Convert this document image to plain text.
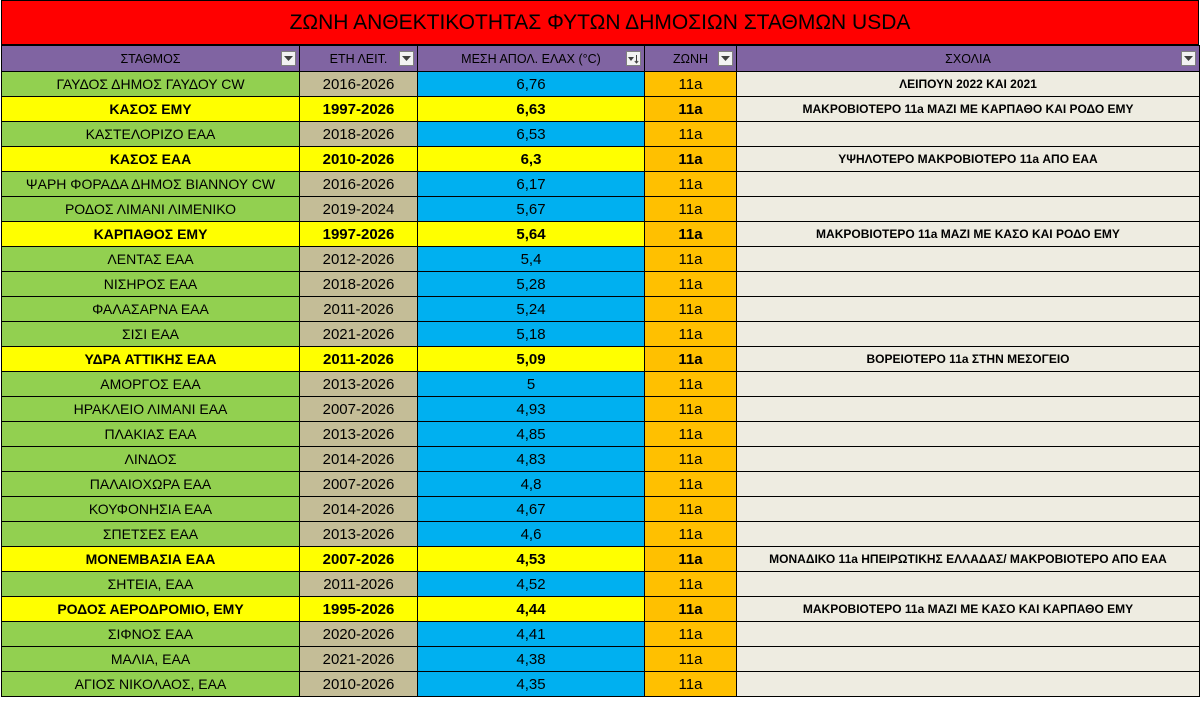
ΖΩΝΗ ΑΝΘΕΚΤΙΚΟΤΗΤΑΣ ΦΥΤΩΝ ΔΗΜΟΣΙΩΝ ΣΤΑΘΜΩΝ USDA
ΣΤΑΘΜΟΣ	ΕΤΗ ΛΕΙΤ.	ΜΕΣΗ ΑΠΟΛ. ΕΛΑΧ (°C)	ΖΩΝΗ	ΣΧΟΛΙΑ

ΓΑΥΔΟΣ ΔΗΜΟΣ ΓΑΥΔΟΥ CW	2016-2026	6,76	11a	ΛΕΙΠΟΥΝ 2022 ΚΑΙ 2021
ΚΑΣΟΣ ΕΜΥ	1997-2026	6,63	11a	ΜΑΚΡΟΒΙΟΤΕΡΟ 11a ΜΑΖΙ ΜΕ ΚΑΡΠΑΘΟ ΚΑΙ ΡΟΔΟ ΕΜΥ
ΚΑΣΤΕΛΟΡΙΖΟ ΕΑΑ	2018-2026	6,53	11a	
ΚΑΣΟΣ ΕΑΑ	2010-2026	6,3	11a	ΥΨΗΛΟΤΕΡΟ ΜΑΚΡΟΒΙΟΤΕΡΟ 11a ΑΠΟ ΕΑΑ
ΨΑΡΗ ΦΟΡΑΔΑ ΔΗΜΟΣ ΒΙΑΝΝΟΥ CW	2016-2026	6,17	11a	
ΡΟΔΟΣ ΛΙΜΑΝΙ ΛΙΜΕΝΙΚΟ	2019-2024	5,67	11a	
ΚΑΡΠΑΘΟΣ ΕΜΥ	1997-2026	5,64	11a	ΜΑΚΡΟΒΙΟΤΕΡΟ 11a ΜΑΖΙ ΜΕ ΚΑΣΟ ΚΑΙ ΡΟΔΟ ΕΜΥ
ΛΕΝΤΑΣ ΕΑΑ	2012-2026	5,4	11a	
ΝΙΣΗΡΟΣ ΕΑΑ	2018-2026	5,28	11a	
ΦΑΛΑΣΑΡΝΑ ΕΑΑ	2011-2026	5,24	11a	
ΣΙΣΙ ΕΑΑ	2021-2026	5,18	11a	
ΥΔΡΑ ΑΤΤΙΚΗΣ ΕΑΑ	2011-2026	5,09	11a	ΒΟΡΕΙΟΤΕΡΟ 11a ΣΤΗΝ ΜΕΣΟΓΕΙΟ
ΑΜΟΡΓΟΣ ΕΑΑ	2013-2026	5	11a	
ΗΡΑΚΛΕΙΟ ΛΙΜΑΝΙ ΕΑΑ	2007-2026	4,93	11a	
ΠΛΑΚΙΑΣ ΕΑΑ	2013-2026	4,85	11a	
ΛΙΝΔΟΣ	2014-2026	4,83	11a	
ΠΑΛΑΙΟΧΩΡΑ ΕΑΑ	2007-2026	4,8	11a	
ΚΟΥΦΟΝΗΣΙΑ ΕΑΑ	2014-2026	4,67	11a	
ΣΠΕΤΣΕΣ ΕΑΑ	2013-2026	4,6	11a	
ΜΟΝΕΜΒΑΣΙΑ ΕΑΑ	2007-2026	4,53	11a	ΜΟΝΑΔΙΚΟ 11a ΗΠΕΙΡΩΤΙΚΗΣ ΕΛΛΑΔΑΣ/ ΜΑΚΡΟΒΙΟΤΕΡΟ ΑΠΟ ΕΑΑ
ΣΗΤΕΙΑ, ΕΑΑ	2011-2026	4,52	11a	
ΡΟΔΟΣ ΑΕΡΟΔΡΟΜΙΟ, ΕΜΥ	1995-2026	4,44	11a	ΜΑΚΡΟΒΙΟΤΕΡΟ 11a ΜΑΖΙ ΜΕ ΚΑΣΟ ΚΑΙ ΚΑΡΠΑΘΟ ΕΜΥ
ΣΙΦΝΟΣ ΕΑΑ	2020-2026	4,41	11a	
ΜΑΛΙΑ, ΕΑΑ	2021-2026	4,38	11a	
ΑΓΙΟΣ ΝΙΚΟΛΑΟΣ, ΕΑΑ	2010-2026	4,35	11a	
